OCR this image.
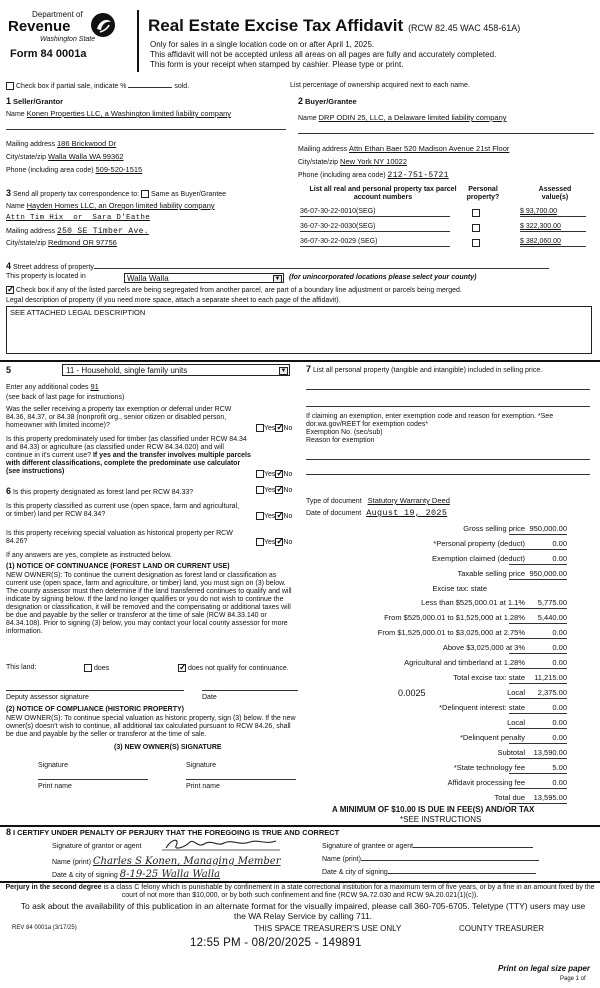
Department of
Revenue
Washington State
Form 84 0001a
Real Estate Excise Tax Affidavit (RCW 82.45 WAC 458-61A)
Only for sales in a single location code on or after April 1, 2025.
This affidavit will not be accepted unless all areas on all pages are fully and accurately completed.
This form is your receipt when stamped by cashier. Please type or print.
Check box if partial sale, indicate %	sold.	List percentage of ownership acquired next to each name.
1 Seller/Grantor
Name Konen Properties LLC, a Washington limited liability company
Mailing address 186 Brickwood Dr
City/state/zip Walla Walla WA 99362
Phone (including area code) 509-520-1515
2 Buyer/Grantee
Name DRP ODIN 25, LLC, a Delaware limited liability company
Mailing address Attn Ethan Baer 520 Madison Avenue 21st Floor
City/state/zip New York NY 10022
Phone (including area code) 212-751-5721
3 Send all property tax correspondence to: Same as Buyer/Grantee
Name Hayden Homes LLC, an Oregon limited liability company
Attn Tim Hix  or  Sara D'Eathe
Mailing address 250 SE Timber Ave.
City/state/zip Redmond OR 97756
List all real and personal property tax parcel account numbers
Personal property?
Assessed value(s)
36-07-30-22-0010(SEG)	$ 93,700.00
36-07-30-22-0030(SEG)	$ 322,300.00
36-07-30-22-0029 (SEG)	$ 382,060.00
4 Street address of property
This property is located in	Walla Walla	▼ (for unincorporated locations please select your county)
✓ Check box if any of the listed parcels are being segregated from another parcel, are part of a boundary line adjustment or parcels being merged.
Legal description of property (if you need more space, attach a separate sheet to each page of the affidavit).
SEE ATTACHED LEGAL DESCRIPTION
5	11 - Household, single family units	▼
Enter any additional codes 91
(see back of last page for instructions)
Was the seller receiving a property tax exemption or deferral under RCW 84.36, 84.37, or 84.38 (nonprofit org., senior citizen or disabled person, homeowner with limited income)?	Yes ✓ No
Is this property predominately used for timber (as classified under RCW 84.34 and 84.33) or agriculture (as classified under RCW 84.34.020) and will continue in it's current use? If yes and the transfer involves multiple parcels with different classifications, complete the predominate use calculator (see instructions)	Yes ✓ No
6 Is this property designated as forest land per RCW 84.33?	Yes ✓ No
Is this property classified as current use (open space, farm and agricultural, or timber) land per RCW 84.34?	Yes ✓ No
Is this property receiving special valuation as historical property per RCW 84.26?	Yes ✓ No
If any answers are yes, complete as instructed below.
(1) NOTICE OF CONTINUANCE (FOREST LAND OR CURRENT USE)
NEW OWNER(S): To continue the current designation as forest land or classification as current use (open space, farm and agriculture, or timber) land, you must sign on (3) below. The county assessor must then determine if the land transferred continues to qualify and will indicate by signing below. If the land no longer qualifies or you do not wish to continue the designation or classification, it will be removed and the compensating or additional taxes will be due and payable by the seller or transferor at the time of sale (RCW 84.33.140 or 84.34.108). Prior to signing (3) below, you may contact your local county assessor for more information.
This land:	does ✓	does not qualify for continuance.
Deputy assessor signature	Date
(2) NOTICE OF COMPLIANCE (HISTORIC PROPERTY)
NEW OWNER(S): To continue special valuation as historic property, sign (3) below. If the new owner(s) doesn't wish to continue, all additional tax calculated pursuant to RCW 84.26, shall be due and payable by the seller or transferor at the time of sale.
(3) NEW OWNER(S) SIGNATURE
Signature	Signature
Print name	Print name
7 List all personal property (tangible and intangible) included in selling price.
If claiming an exemption, enter exemption code and reason for exemption. *See dor.wa.gov/REET for exemption codes*
Exemption No. (sec/sub)
Reason for exemption
Type of document Statutory Warranty Deed
Date of document August 19, 2025
Gross selling price 950,000.00
*Personal property (deduct)	0.00
Exemption claimed (deduct)	0.00
Taxable selling price 950,000.00
Excise tax: state
Less than $525,000.01 at 1.1%	5,775.00
From $525,000.01 to $1,525,000 at 1.28%	5,440.00
From $1,525,000.01 to $3,025,000 at 2.75%	0.00
Above $3,025,000 at 3%	0.00
Agricultural and timberland at 1.28%	0.00
Total excise tax: state	11,215.00
0.0025	Local	2,375.00
*Delinquent interest: state	0.00
Local	0.00
*Delinquent penalty	0.00
Subtotal	13,590.00
*State technology fee	5.00
Affidavit processing fee	0.00
Total due	13,595.00
A MINIMUM OF $10.00 IS DUE IN FEE(S) AND/OR TAX
*SEE INSTRUCTIONS
8 I CERTIFY UNDER PENALTY OF PERJURY THAT THE FOREGOING IS TRUE AND CORRECT
Signature of grantor or agent
Name (print) Charles S Konen, Managing Member
Date & city of signing 8-19-25 Walla Walla
Signature of grantee or agent
Name (print)
Date & city of signing
Perjury in the second degree is a class C felony which is punishable by confinement in a state correctional institution for a maximum term of five years, or by a fine in an amount fixed by the court of not more than $10,000, or by both such confinement and fine (RCW 9A.72.030 and RCW 9A.20.021(1)(c)).
To ask about the availability of this publication in an alternate format for the visually impaired, please call 360-705-6705. Teletype (TTY) users may use the WA Relay Service by calling 711.
REV 84 0001a (3/17/25)	THIS SPACE TREASURER'S USE ONLY	COUNTY TREASURER
12:55 PM - 08/20/2025 - 149891
Print on legal size paper
Page 1 of
